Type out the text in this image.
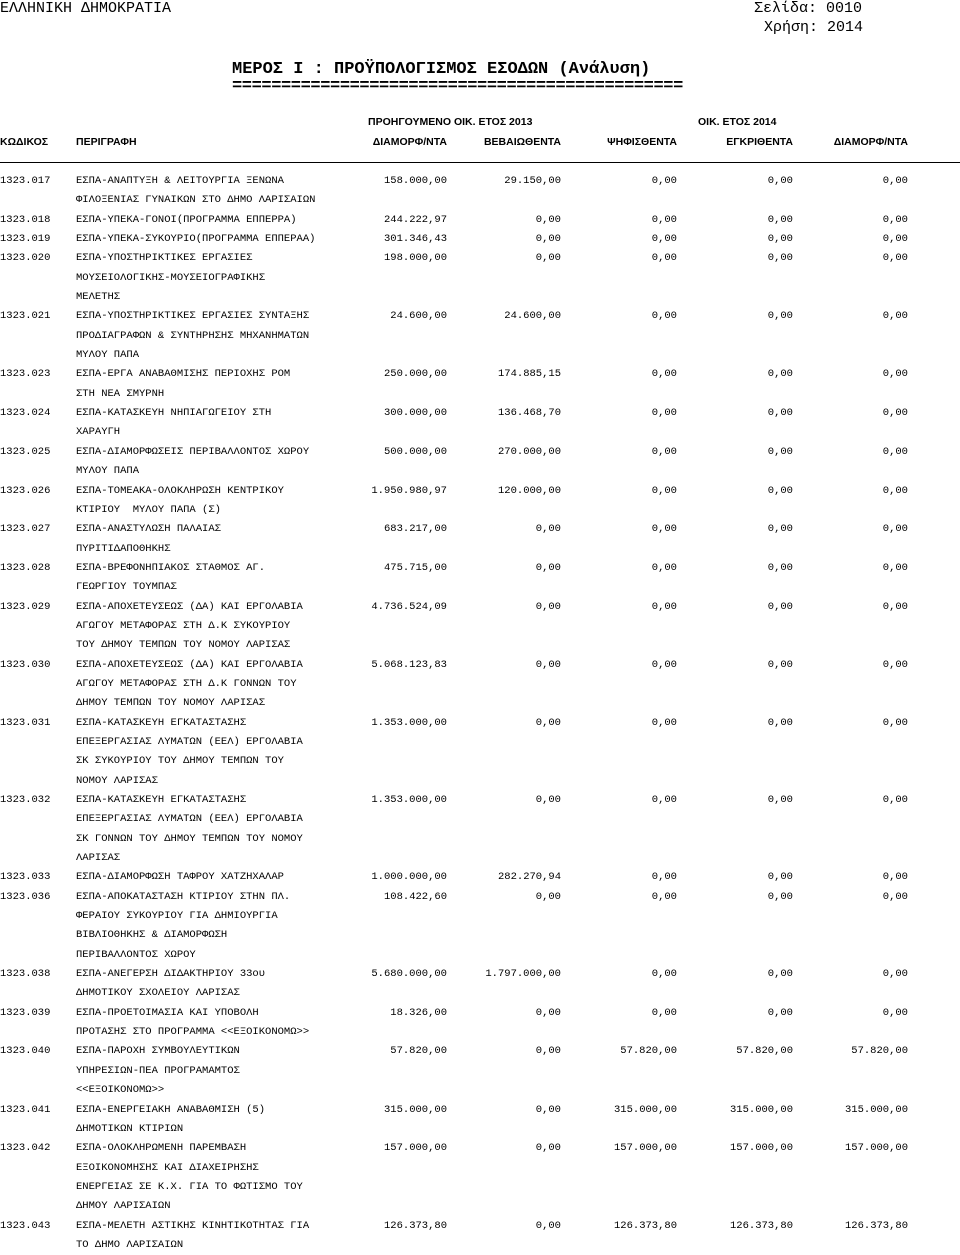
ΕΛΛΗΝΙΚΗ ΔΗΜΟΚΡΑΤΙΑ	Σελίδα: 0010
Χρήση: 2014
ΜΕΡΟΣ Ι : ΠΡΟΫΠΟΛΟΓΙΣΜΟΣ ΕΣΟΔΩΝ (Ανάλυση)
==============================================
ΠΡΟΗΓΟΥΜΕΝΟ ΟΙΚ. ΕΤΟΣ 2013	ΟΙΚ. ΕΤΟΣ 2014
ΚΩΔΙΚΟΣ	ΠΕΡΙΓΡΑΦΗ	ΔΙΑΜΟΡΦ/ΝΤΑ	ΒΕΒΑΙΩΘΕΝΤΑ	ΨΗΦΙΣΘΕΝΤΑ	ΕΓΚΡΙΘΕΝΤΑ	ΔΙΑΜΟΡΦ/ΝΤΑ
1323.017 ΕΣΠΑ-ΑΝΑΠΤΥΞΗ & ΛΕΙΤΟΥΡΓΙΑ ΞΕΝΩΝΑ
ΦΙΛΟΞΕΝΙΑΣ ΓΥΝΑΙΚΩΝ ΣΤΟ ΔΗΜΟ ΛΑΡΙΣΑΙΩΝ
158.000,00	29.150,00	0,00	0,00	0,00
1323.018 ΕΣΠΑ-ΥΠΕΚΑ-ΓΟΝΟΙ(ΠΡΟΓΡΑΜΜΑ ΕΠΠΕΡΡΑ)	244.222,97	0,00	0,00	0,00	0,00
1323.019 ΕΣΠΑ-ΥΠΕΚΑ-ΣΥΚΟΥΡΙΟ(ΠΡΟΓΡΑΜΜΑ ΕΠΠΕΡΑΑ)	301.346,43	0,00	0,00	0,00	0,00
1323.020 ΕΣΠΑ-ΥΠΟΣΤΗΡΙΚΤΙΚΕΣ ΕΡΓΑΣΙΕΣ
ΜΟΥΣΕΙΟΛΟΓΙΚΗΣ-ΜΟΥΣΕΙΟΓΡΑΦΙΚΗΣ
ΜΕΛΕΤΗΣ
198.000,00	0,00	0,00	0,00	0,00
1323.021 ΕΣΠΑ-ΥΠΟΣΤΗΡΙΚΤΙΚΕΣ ΕΡΓΑΣΙΕΣ ΣΥΝΤΑΞΗΣ
ΠΡΟΔΙΑΓΡΑΦΩΝ & ΣΥΝΤΗΡΗΣΗΣ ΜΗΧΑΝΗΜΑΤΩΝ
ΜΥΛΟΥ ΠΑΠΑ
24.600,00	24.600,00	0,00	0,00	0,00
1323.023 ΕΣΠΑ-ΕΡΓΑ ΑΝΑΒΑΘΜΙΣΗΣ ΠΕΡΙΟΧΗΣ ΡΟΜ
ΣΤΗ ΝΕΑ ΣΜΥΡΝΗ
250.000,00	174.885,15	0,00	0,00	0,00
1323.024 ΕΣΠΑ-ΚΑΤΑΣΚΕΥΗ ΝΗΠΙΑΓΩΓΕΙΟΥ ΣΤΗ
ΧΑΡΑΥΓΗ
300.000,00	136.468,70	0,00	0,00	0,00
1323.025 ΕΣΠΑ-ΔΙΑΜΟΡΦΩΣΕΙΣ ΠΕΡΙΒΑΛΛΟΝΤΟΣ ΧΩΡΟΥ
ΜΥΛΟΥ ΠΑΠΑ
500.000,00	270.000,00	0,00	0,00	0,00
1323.026 ΕΣΠΑ-ΤΟΜΕΑΚΑ-ΟΛΟΚΛΗΡΩΣΗ ΚΕΝΤΡΙΚΟΥ
ΚΤΙΡΙΟΥ  ΜΥΛΟΥ ΠΑΠΑ (Σ)
1.950.980,97	120.000,00	0,00	0,00	0,00
1323.027 ΕΣΠΑ-ΑΝΑΣΤΥΛΩΣΗ ΠΑΛΑΙΑΣ
ΠΥΡΙΤΙΔΑΠΟΘΗΚΗΣ
683.217,00	0,00	0,00	0,00	0,00
1323.028 ΕΣΠΑ-ΒΡΕΦΟΝΗΠΙΑΚΟΣ ΣΤΑΘΜΟΣ ΑΓ.
ΓΕΩΡΓΙΟΥ ΤΟΥΜΠΑΣ
475.715,00	0,00	0,00	0,00	0,00
1323.029 ΕΣΠΑ-ΑΠΟΧΕΤΕΥΣΕΩΣ (ΔΑ) ΚΑΙ ΕΡΓΟΛΑΒΙΑ
ΑΓΩΓΟΥ ΜΕΤΑΦΟΡΑΣ ΣΤΗ Δ.Κ ΣΥΚΟΥΡΙΟΥ
ΤΟΥ ΔΗΜΟΥ ΤΕΜΠΩΝ ΤΟΥ ΝΟΜΟΥ ΛΑΡΙΣΑΣ
4.736.524,09	0,00	0,00	0,00	0,00
1323.030 ΕΣΠΑ-ΑΠΟΧΕΤΕΥΣΕΩΣ (ΔΑ) ΚΑΙ ΕΡΓΟΛΑΒΙΑ
ΑΓΩΓΟΥ ΜΕΤΑΦΟΡΑΣ ΣΤΗ Δ.Κ ΓΟΝΝΩΝ ΤΟΥ
ΔΗΜΟΥ ΤΕΜΠΩΝ ΤΟΥ ΝΟΜΟΥ ΛΑΡΙΣΑΣ
5.068.123,83	0,00	0,00	0,00	0,00
1323.031 ΕΣΠΑ-ΚΑΤΑΣΚΕΥΗ ΕΓΚΑΤΑΣΤΑΣΗΣ
ΕΠΕΞΕΡΓΑΣΙΑΣ ΛΥΜΑΤΩΝ (ΕΕΛ) ΕΡΓΟΛΑΒΙΑ
ΣΚ ΣΥΚΟΥΡΙΟΥ ΤΟΥ ΔΗΜΟΥ ΤΕΜΠΩΝ ΤΟΥ
ΝΟΜΟΥ ΛΑΡΙΣΑΣ
1.353.000,00	0,00	0,00	0,00	0,00
1323.032 ΕΣΠΑ-ΚΑΤΑΣΚΕΥΗ ΕΓΚΑΤΑΣΤΑΣΗΣ
ΕΠΕΞΕΡΓΑΣΙΑΣ ΛΥΜΑΤΩΝ (ΕΕΛ) ΕΡΓΟΛΑΒΙΑ
ΣΚ ΓΟΝΝΩΝ ΤΟΥ ΔΗΜΟΥ ΤΕΜΠΩΝ ΤΟΥ ΝΟΜΟΥ
ΛΑΡΙΣΑΣ
1.353.000,00	0,00	0,00	0,00	0,00
1323.033 ΕΣΠΑ-ΔΙΑΜΟΡΦΩΣΗ ΤΑΦΡΟΥ ΧΑΤΖΗΧΑΛΑΡ	1.000.000,00	282.270,94	0,00	0,00	0,00
1323.036 ΕΣΠΑ-ΑΠΟΚΑΤΑΣΤΑΣΗ ΚΤΙΡΙΟΥ ΣΤΗΝ ΠΛ.
ΦΕΡΑΙΟΥ ΣΥΚΟΥΡΙΟΥ ΓΙΑ ΔΗΜΙΟΥΡΓΙΑ
ΒΙΒΛΙΟΘΗΚΗΣ & ΔΙΑΜΟΡΦΩΣΗ
ΠΕΡΙΒΑΛΛΟΝΤΟΣ ΧΩΡΟΥ
108.422,60	0,00	0,00	0,00	0,00
1323.038 ΕΣΠΑ-ΑΝΕΓΕΡΣΗ ΔΙΔΑΚΤΗΡΙΟΥ 33ου
ΔΗΜΟΤΙΚΟΥ ΣΧΟΛΕΙΟΥ ΛΑΡΙΣΑΣ
5.680.000,00	1.797.000,00	0,00	0,00	0,00
1323.039 ΕΣΠΑ-ΠΡΟΕΤΟΙΜΑΣΙΑ ΚΑΙ ΥΠΟΒΟΛΗ
ΠΡΟΤΑΣΗΣ ΣΤΟ ΠΡΟΓΡΑΜΜΑ <<ΕΞΟΙΚΟΝΟΜΩ>>
18.326,00	0,00	0,00	0,00	0,00
1323.040 ΕΣΠΑ-ΠΑΡΟΧΗ ΣΥΜΒΟΥΛΕΥΤΙΚΩΝ
ΥΠΗΡΕΣΙΩΝ-ΠΕΑ ΠΡΟΓΡΑΜΑΜΤΟΣ
<<ΕΞΟΙΚΟΝΟΜΩ>>
57.820,00	0,00	57.820,00	57.820,00	57.820,00
1323.041 ΕΣΠΑ-ΕΝΕΡΓΕΙΑΚΗ ΑΝΑΒΑΘΜΙΣΗ (5)
ΔΗΜΟΤΙΚΩΝ ΚΤΙΡΙΩΝ
315.000,00	0,00	315.000,00	315.000,00	315.000,00
1323.042 ΕΣΠΑ-ΟΛΟΚΛΗΡΩΜΕΝΗ ΠΑΡΕΜΒΑΣΗ
ΕΞΟΙΚΟΝΟΜΗΣΗΣ ΚΑΙ ΔΙΑΧΕΙΡΗΣΗΣ
ΕΝΕΡΓΕΙΑΣ ΣΕ Κ.Χ. ΓΙΑ ΤΟ ΦΩΤΙΣΜΟ ΤΟΥ
ΔΗΜΟΥ ΛΑΡΙΣΑΙΩΝ
157.000,00	0,00	157.000,00	157.000,00	157.000,00
1323.043 ΕΣΠΑ-ΜΕΛΕΤΗ ΑΣΤΙΚΗΣ ΚΙΝΗΤΙΚΟΤΗΤΑΣ ΓΙΑ
ΤΟ ΔΗΜΟ ΛΑΡΙΣΑΙΩΝ
126.373,80	0,00	126.373,80	126.373,80	126.373,80
